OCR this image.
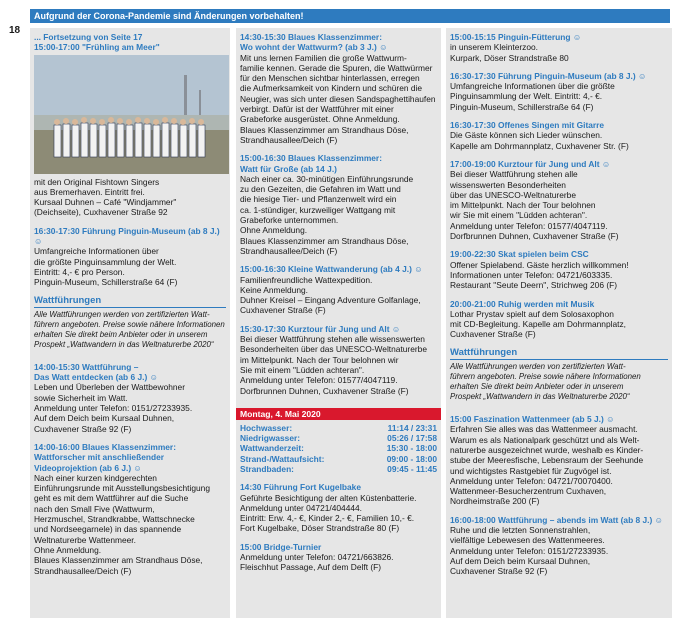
Aufgrund der Corona-Pandemie sind Änderungen vorbehalten!
18
... Fortsetzung von Seite 17
15:00-17:00 "Frühling am Meer"
mit den Original Fishtown Singers
aus Bremerhaven. Eintritt frei.
Kursaal Duhnen – Café "Windjammer"
(Deichseite), Cuxhavener Straße 92
16:30-17:30 Führung Pinguin-Museum (ab 8 J.) ☺
Umfangreiche Informationen über
die größte Pinguinsammlung der Welt.
Eintritt: 4,- € pro Person.
Pinguin-Museum, Schillerstraße 64 (F)
Wattführungen
Alle Wattführungen werden von zertifizierten Watt-
führern angeboten. Preise sowie nähere Informationen
erhalten Sie direkt beim Anbieter oder in unserem
Prospekt „Wattwandern in das Weltnaturerbe 2020“
14:00-15:30 Wattführung –
Das Watt entdecken (ab 6 J.) ☺
Leben und Überleben der Wattbewohner
sowie Sicherheit im Watt.
Anmeldung unter Telefon: 0151/27233935.
Auf dem Deich beim Kursaal Duhnen,
Cuxhavener Straße 92 (F)
14:00-16:00 Blaues Klassenzimmer:
Wattforscher mit anschließender
Videoprojektion (ab 6 J.) ☺
Nach einer kurzen kindgerechten
Einführungsrunde mit Ausstellungsbesichtigung
geht es mit dem Wattführer auf die Suche
nach den Small Five (Wattwurm,
Herzmuschel, Strandkrabbe, Wattschnecke
und Nordseegarnele) in das spannende
Weltnaturerbe Wattenmeer.
Ohne Anmeldung.
Blaues Klassenzimmer am Strandhaus Döse,
Strandhausallee/Deich (F)
14:30-15:30 Blaues Klassenzimmer:
Wo wohnt der Wattwurm? (ab 3 J.) ☺
Mit uns lernen Familien die große Wattwurm-
familie kennen. Gerade die Spuren, die Wattwürmer
für den Menschen sichtbar hinterlassen, erregen
die Aufmerksamkeit von Kindern und schüren die
Neugier, was sich unter diesen Sandspaghettihaufen
verbirgt. Dafür ist der Wattführer mit einer
Grabeforke ausgerüstet. Ohne Anmeldung.
Blaues Klassenzimmer am Strandhaus Döse,
Strandhausallee/Deich (F)
15:00-16:30 Blaues Klassenzimmer:
Watt für Große (ab 14 J.)
Nach einer ca. 30-minütigen Einführungsrunde
zu den Gezeiten, die Gefahren im Watt und
die hiesige Tier- und Pflanzenwelt wird ein
ca. 1-stündiger, kurzweiliger Wattgang mit
Grabeforke unternommen.
Ohne Anmeldung.
Blaues Klassenzimmer am Strandhaus Döse,
Strandhausallee/Deich (F)
15:00-16:30 Kleine Wattwanderung (ab 4 J.) ☺
Familienfreundliche Wattexpedition.
Keine Anmeldung.
Duhner Kreisel – Eingang Adventure Golfanlage,
Cuxhavener Straße (F)
15:30-17:30 Kurztour für Jung und Alt ☺
Bei dieser Wattführung stehen alle wissenswerten
Besonderheiten über das UNESCO-Weltnaturerbe
im Mittelpunkt. Nach der Tour belohnen wir
Sie mit einem "Lüdden achteran".
Anmeldung unter Telefon: 01577/4047119.
Dorfbrunnen Duhnen, Cuxhavener Straße (F)
Montag, 4. Mai 2020
Hochwasser:	11:14 / 23:31
Niedrigwasser:	05:26 / 17:58
Wattwanderzeit:	15:30 - 18:00
Strand-/Wattaufsicht:	09:00 - 18:00
Strandbaden:	09:45 - 11:45
14:30 Führung Fort Kugelbake
Geführte Besichtigung der alten Küstenbatterie.
Anmeldung unter 04721/404444.
Eintritt: Erw. 4,- €, Kinder 2,- €, Familien 10,- €.
Fort Kugelbake, Döser Strandstraße 80 (F)
15:00 Bridge-Turnier
Anmeldung unter Telefon: 04721/663826.
Fleischhut Passage, Auf dem Delft (F)
15:00-15:15 Pinguin-Fütterung ☺
in unserem Kleinterzoo.
Kurpark, Döser Strandstraße 80
16:30-17:30 Führung Pinguin-Museum (ab 8 J.) ☺
Umfangreiche Informationen über die größte
Pinguinsammlung der Welt. Eintritt: 4,- €.
Pinguin-Museum, Schillerstraße 64 (F)
16:30-17:30 Offenes Singen mit Gitarre
Die Gäste können sich Lieder wünschen.
Kapelle am Dohrmannplatz, Cuxhavener Str. (F)
17:00-19:00 Kurztour für Jung und Alt ☺
Bei dieser Wattführung stehen alle
wissenswerten Besonderheiten
über das UNESCO-Weltnaturerbe
im Mittelpunkt. Nach der Tour belohnen
wir Sie mit einem "Lüdden achteran".
Anmeldung unter Telefon: 01577/4047119.
Dorfbrunnen Duhnen, Cuxhavener Straße (F)
19:00-22:30 Skat spielen beim CSC
Offener Spielabend. Gäste herzlich willkommen!
Informationen unter Telefon: 04721/603335.
Restaurant "Seute Deern", Strichweg 206 (F)
20:00-21:00 Ruhig werden mit Musik
Lothar Prystav spielt auf dem Solosaxophon
mit CD-Begleitung. Kapelle am Dohrmannplatz,
Cuxhavener Straße (F)
Wattführungen
Alle Wattführungen werden von zertifizierten Watt-
führern angeboten. Preise sowie nähere Informationen
erhalten Sie direkt beim Anbieter oder in unserem
Prospekt „Wattwandern in das Weltnaturerbe 2020“
15:00 Faszination Wattenmeer (ab 5 J.) ☺
Erfahren Sie alles was das Wattenmeer ausmacht.
Warum es als Nationalpark geschützt und als Welt-
naturerbe ausgezeichnet wurde, weshalb es Kinder-
stube der Meeresfische, Lebensraum der Seehunde
und wichtigstes Rastgebiet für Zugvögel ist.
Anmeldung unter Telefon: 04721/70070400.
Wattenmeer-Besucherzentrum Cuxhaven,
Nordheimstraße 200 (F)
16:00-18:00 Wattführung – abends im Watt (ab 8 J.) ☺
Ruhe und die letzten Sonnenstrahlen,
vielfältige Lebewesen des Wattenmeeres.
Anmeldung unter Telefon: 0151/27233935.
Auf dem Deich beim Kursaal Duhnen,
Cuxhavener Straße 92 (F)
